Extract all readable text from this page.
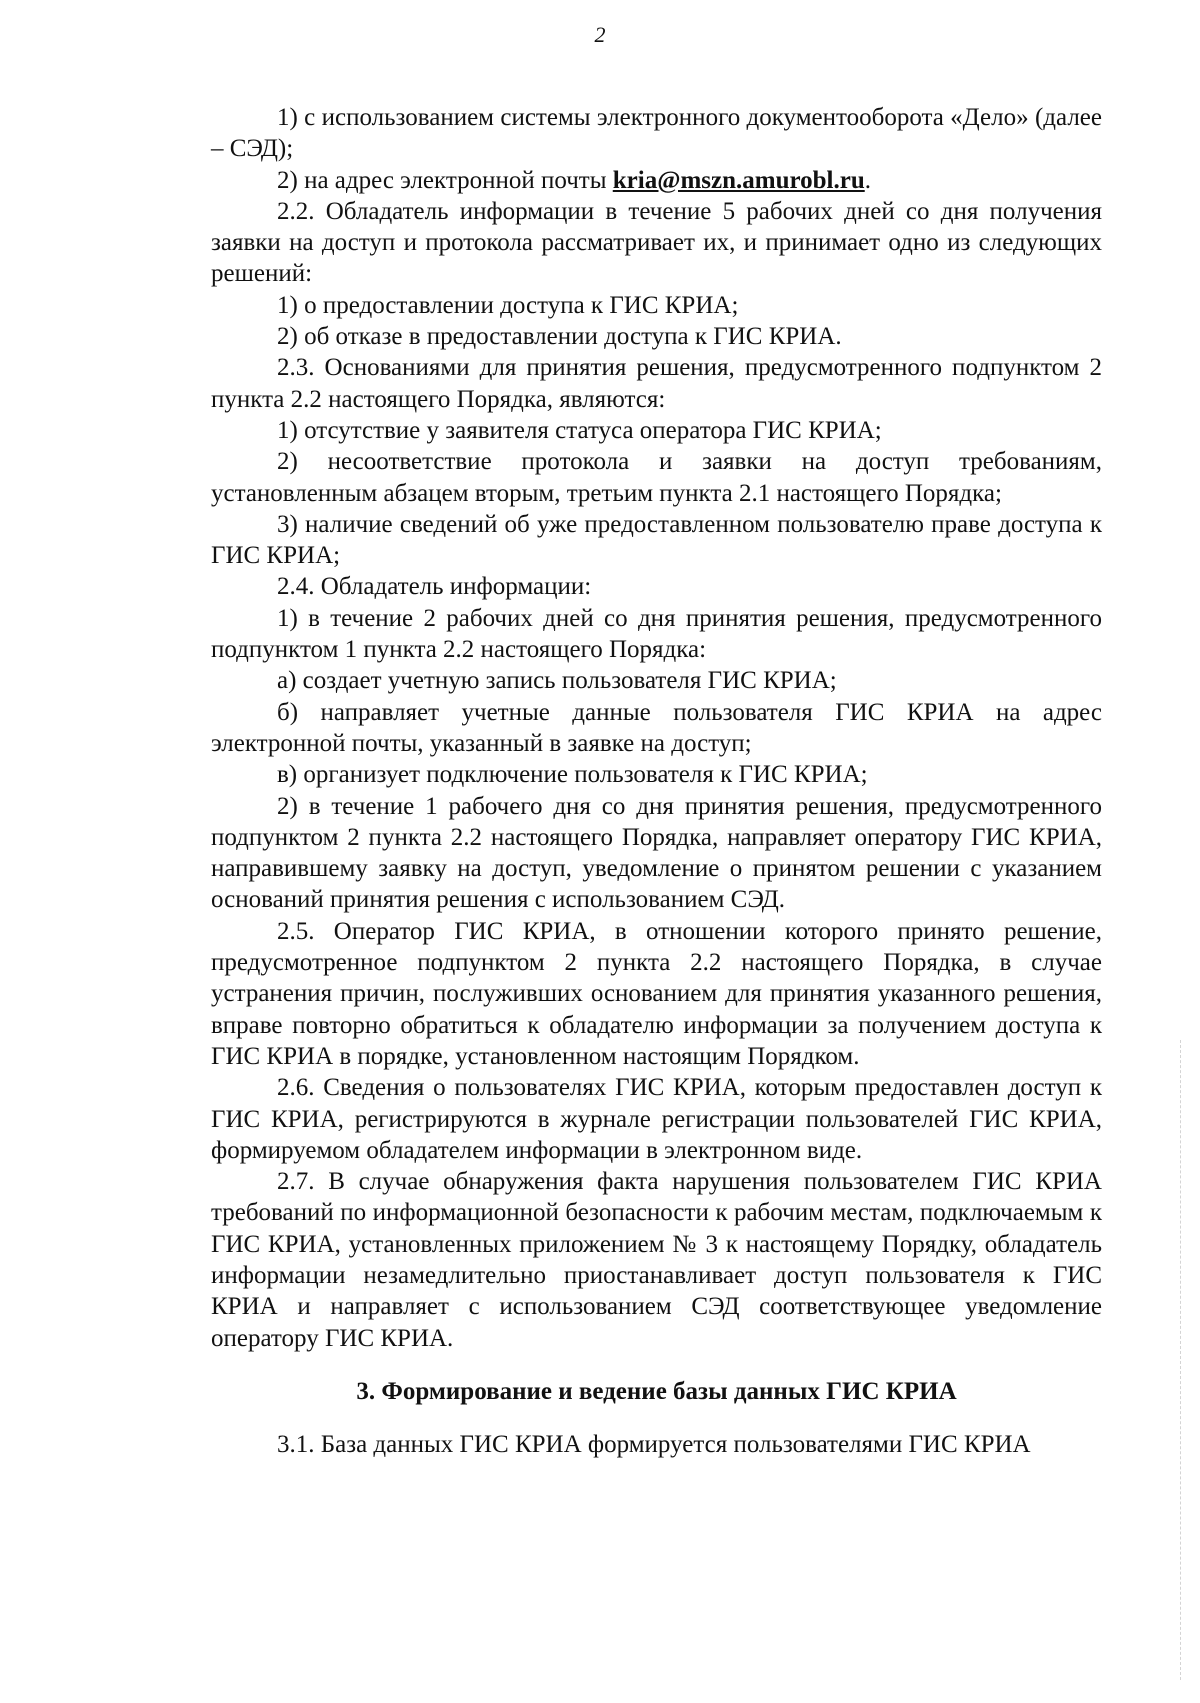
2

1) с использованием системы электронного документооборота «Дело» (далее – СЭД);

2) на адрес электронной почты kria@mszn.amurobl.ru.

2.2. Обладатель информации в течение 5 рабочих дней со дня получения заявки на доступ и протокола рассматривает их, и принимает одно из следующих решений:

1) о предоставлении доступа к ГИС КРИА;

2) об отказе в предоставлении доступа к ГИС КРИА.

2.3. Основаниями для принятия решения, предусмотренного подпунктом 2 пункта 2.2 настоящего Порядка, являются:

1) отсутствие у заявителя статуса оператора ГИС КРИА;

2) несоответствие протокола и заявки на доступ требованиям, установленным абзацем вторым, третьим пункта 2.1 настоящего Порядка;

3) наличие сведений об уже предоставленном пользователю праве доступа к ГИС КРИА;

2.4. Обладатель информации:

1) в течение 2 рабочих дней со дня принятия решения, предусмотренного подпунктом 1 пункта 2.2 настоящего Порядка:

а) создает учетную запись пользователя ГИС КРИА;

б) направляет учетные данные пользователя ГИС КРИА на адрес электронной почты, указанный в заявке на доступ;

в) организует подключение пользователя к ГИС КРИА;

2) в течение 1 рабочего дня со дня принятия решения, предусмотренного подпунктом 2 пункта 2.2 настоящего Порядка, направляет оператору ГИС КРИА, направившему заявку на доступ, уведомление о принятом решении с указанием оснований принятия решения с использованием СЭД.

2.5. Оператор ГИС КРИА, в отношении которого принято решение, предусмотренное подпунктом 2 пункта 2.2 настоящего Порядка, в случае устранения причин, послуживших основанием для принятия указанного решения, вправе повторно обратиться к обладателю информации за получением доступа к ГИС КРИА в порядке, установленном настоящим Порядком.

2.6. Сведения о пользователях ГИС КРИА, которым предоставлен доступ к ГИС КРИА, регистрируются в журнале регистрации пользователей ГИС КРИА, формируемом обладателем информации в электронном виде.

2.7. В случае обнаружения факта нарушения пользователем ГИС КРИА требований по информационной безопасности к рабочим местам, подключаемым к ГИС КРИА, установленных приложением № 3 к настоящему Порядку, обладатель информации незамедлительно приостанавливает доступ пользователя к ГИС КРИА и направляет с использованием СЭД соответствующее уведомление оператору ГИС КРИА.

3. Формирование и ведение базы данных ГИС КРИА

3.1. База данных ГИС КРИА формируется пользователями ГИС КРИА
